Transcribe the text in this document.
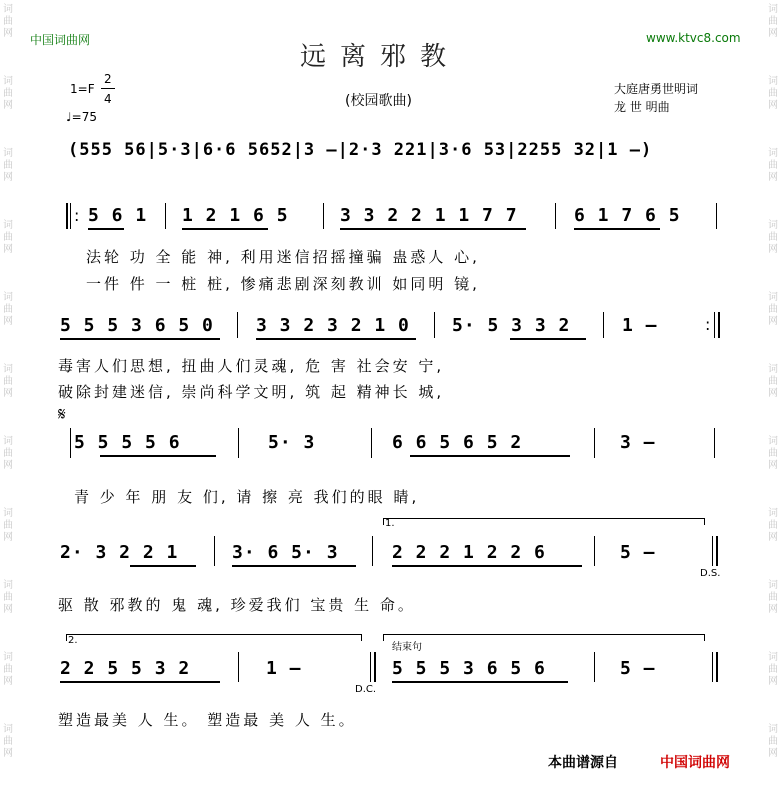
词曲网
词曲网
词曲网
词曲网
词曲网
词曲网
词曲网
词曲网
词曲网
词曲网
词曲网
词曲网
词曲网
词曲网
词曲网
词曲网
词曲网
词曲网
词曲网
词曲网
词曲网
词曲网
中国词曲网	www.ktvc8.com
远离邪教
(校园歌曲)
大庭唐勇世明词
龙 世 明曲
1=F
2
4
♩=75
(555 56|5·3|6·6 5652|3 –|2·3 221|3·6 53|2255 32|1 –)
: 5 6 1 1 2 1 6 5	3 3 2 2 1 1 7 7	6 1 7 6 5
法轮 功 全 能 神, 利用迷信招摇撞骗 蛊惑人 心,
一件 件 一 桩 桩, 惨痛悲剧深刻教训 如同明 镜,
5 5 5 3 6 5 0 3 3 2 3 2 1 0 5· 5 3 3 2	1 –	:
毒害人们思想, 扭曲人们灵魂, 危 害 社会安 宁,
破除封建迷信, 崇尚科学文明, 筑 起 精神长 城,
𝄋
5 5 5 5 6	5· 3	6 6 5 6 5 2	3 –
青 少 年 朋 友 们, 请 擦 亮 我们的眼 睛,
1.
2· 3 2 2 1	3· 6 5· 3	2 2 2 1 2 2 6	5 –
D.S.
驱 散 邪教的 鬼 魂, 珍爱我们 宝贵 生 命。
2.
结束句
2 2 5 5 3 2	1 –
D.C.
5 5 5 3 6 5 6	5 –
塑造最美 人 生。 塑造最 美 人 生。
本曲谱源自	中国词曲网
